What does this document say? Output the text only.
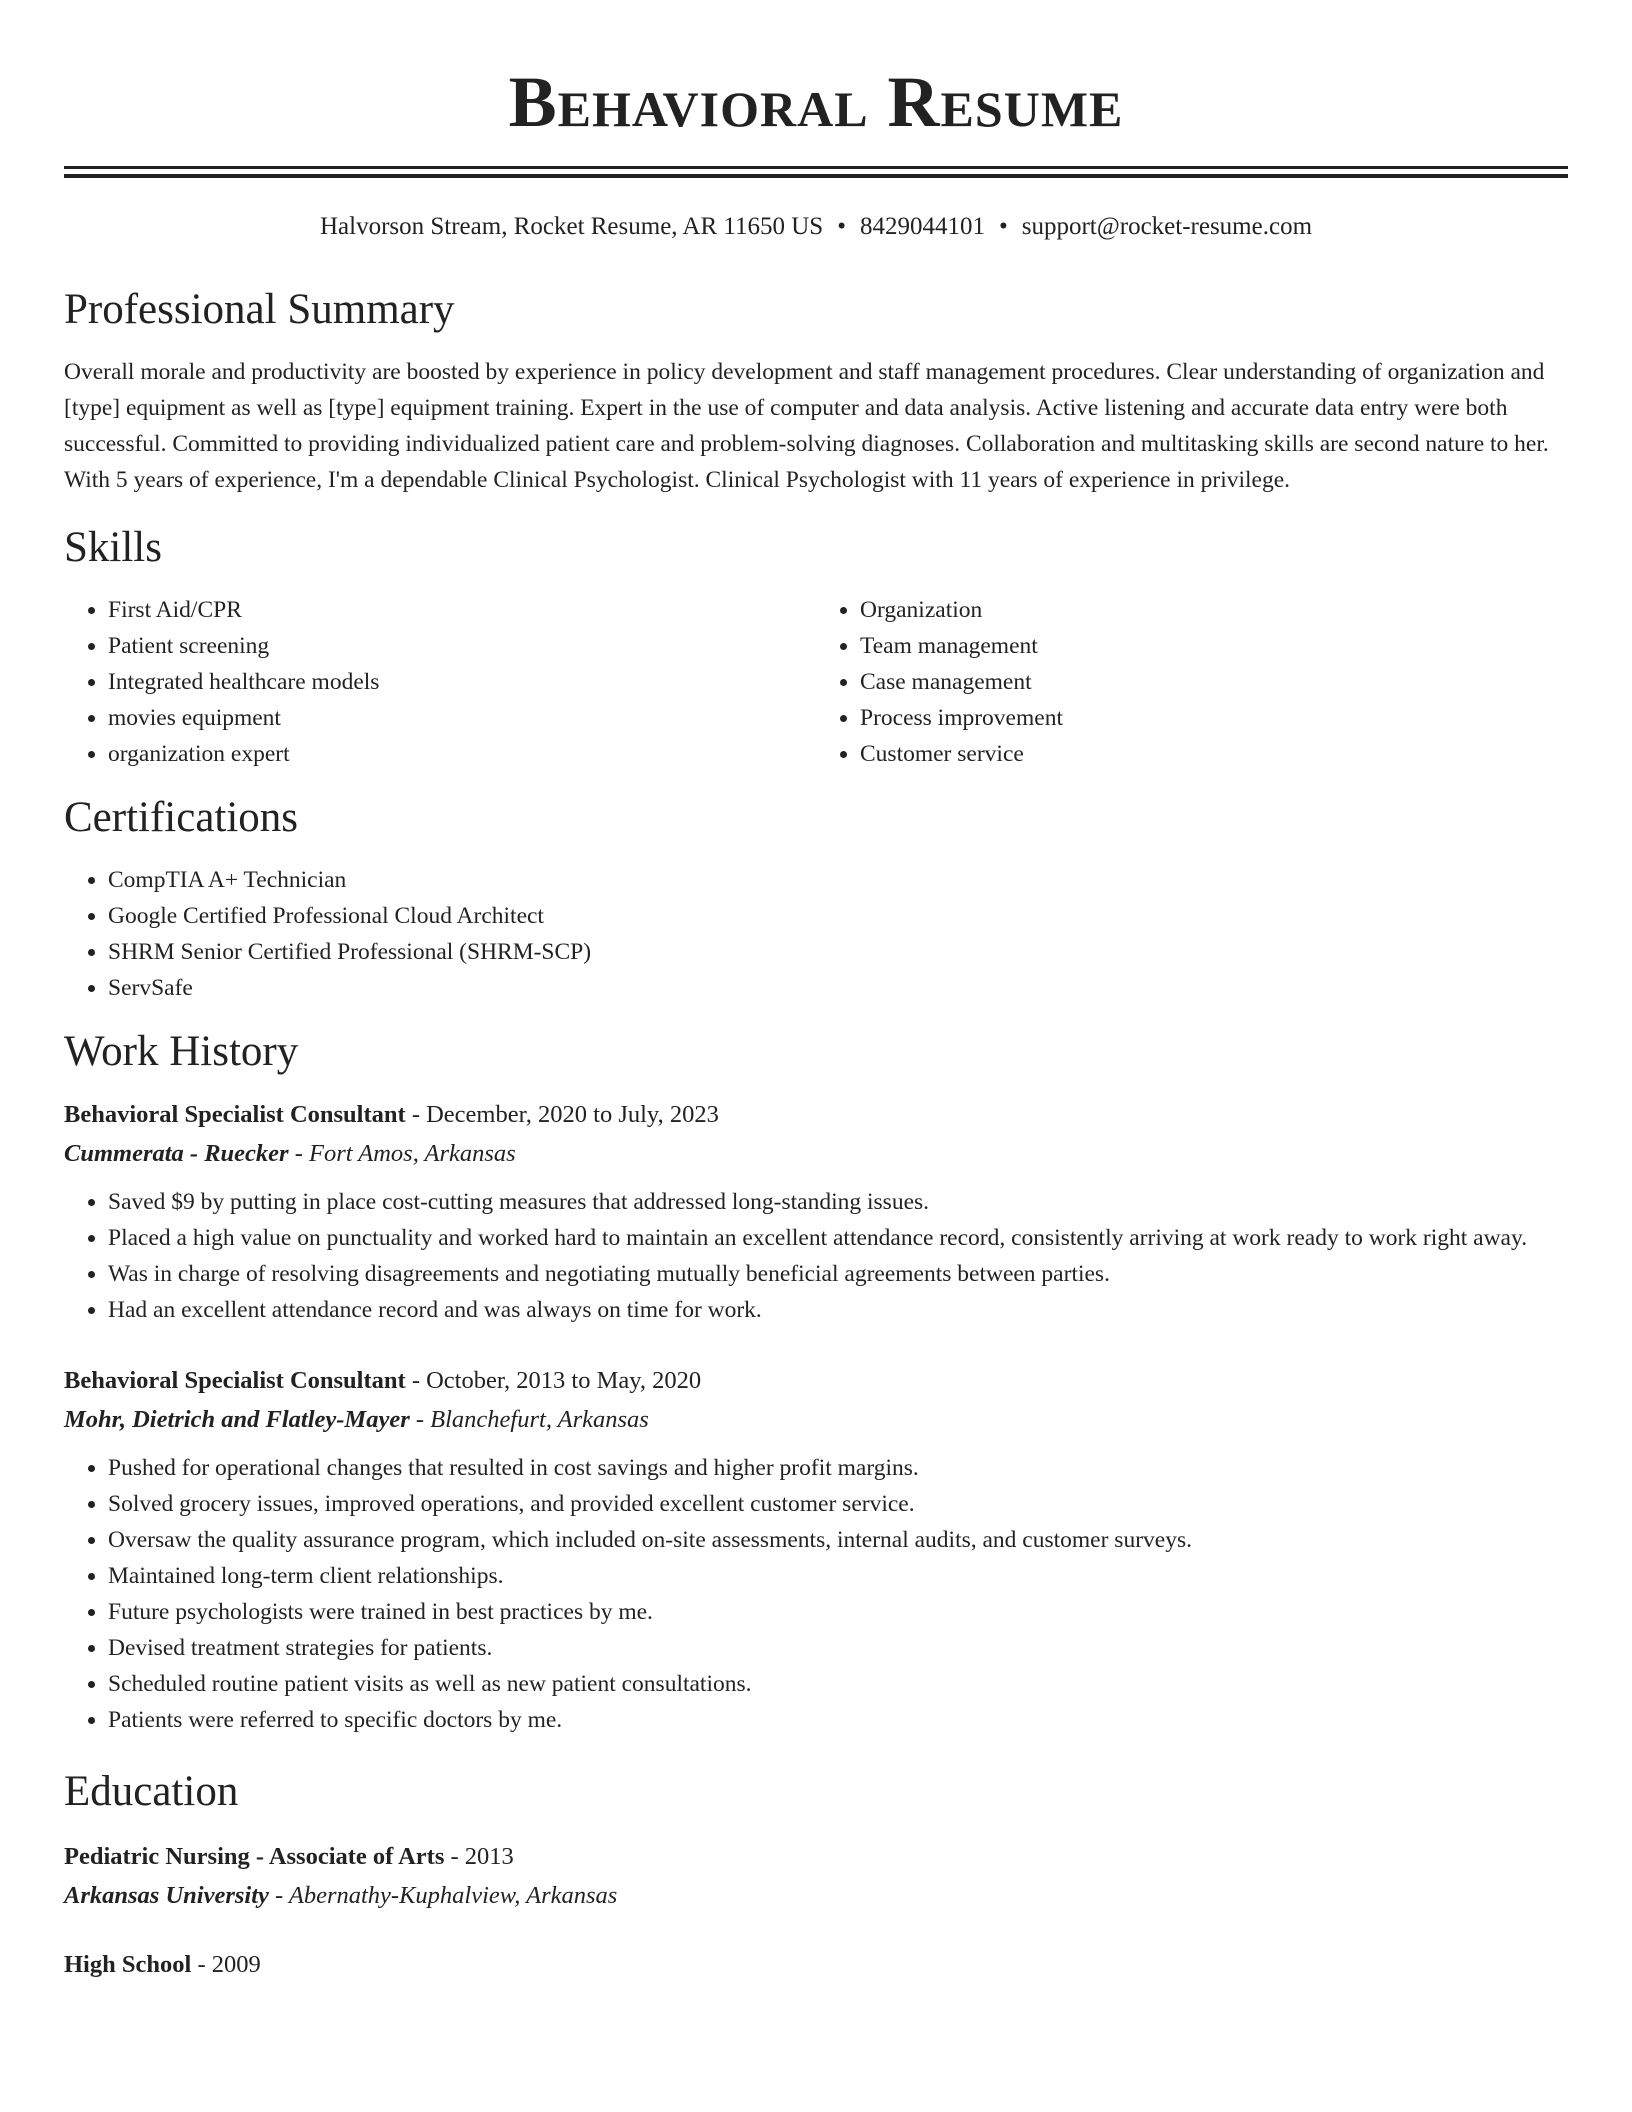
Behavioral Resume
Halvorson Stream, Rocket Resume, AR 11650 US • 8429044101 • support@rocket-resume.com
Professional Summary
Overall morale and productivity are boosted by experience in policy development and staff management procedures. Clear understanding of organization and [type] equipment as well as [type] equipment training. Expert in the use of computer and data analysis. Active listening and accurate data entry were both successful. Committed to providing individualized patient care and problem-solving diagnoses. Collaboration and multitasking skills are second nature to her. With 5 years of experience, I'm a dependable Clinical Psychologist. Clinical Psychologist with 11 years of experience in privilege.
Skills
• First Aid/CPR
• Patient screening
• Integrated healthcare models
• movies equipment
• organization expert
• Organization
• Team management
• Case management
• Process improvement
• Customer service
Certifications
• CompTIA A+ Technician
• Google Certified Professional Cloud Architect
• SHRM Senior Certified Professional (SHRM-SCP)
• ServSafe
Work History
Behavioral Specialist Consultant - December, 2020 to July, 2023
Cummerata - Ruecker - Fort Amos, Arkansas
• Saved $9 by putting in place cost-cutting measures that addressed long-standing issues.
• Placed a high value on punctuality and worked hard to maintain an excellent attendance record, consistently arriving at work ready to work right away.
• Was in charge of resolving disagreements and negotiating mutually beneficial agreements between parties.
• Had an excellent attendance record and was always on time for work.
Behavioral Specialist Consultant - October, 2013 to May, 2020
Mohr, Dietrich and Flatley-Mayer - Blanchefurt, Arkansas
• Pushed for operational changes that resulted in cost savings and higher profit margins.
• Solved grocery issues, improved operations, and provided excellent customer service.
• Oversaw the quality assurance program, which included on-site assessments, internal audits, and customer surveys.
• Maintained long-term client relationships.
• Future psychologists were trained in best practices by me.
• Devised treatment strategies for patients.
• Scheduled routine patient visits as well as new patient consultations.
• Patients were referred to specific doctors by me.
Education
Pediatric Nursing - Associate of Arts - 2013
Arkansas University - Abernathy-Kuphalview, Arkansas
High School - 2009
